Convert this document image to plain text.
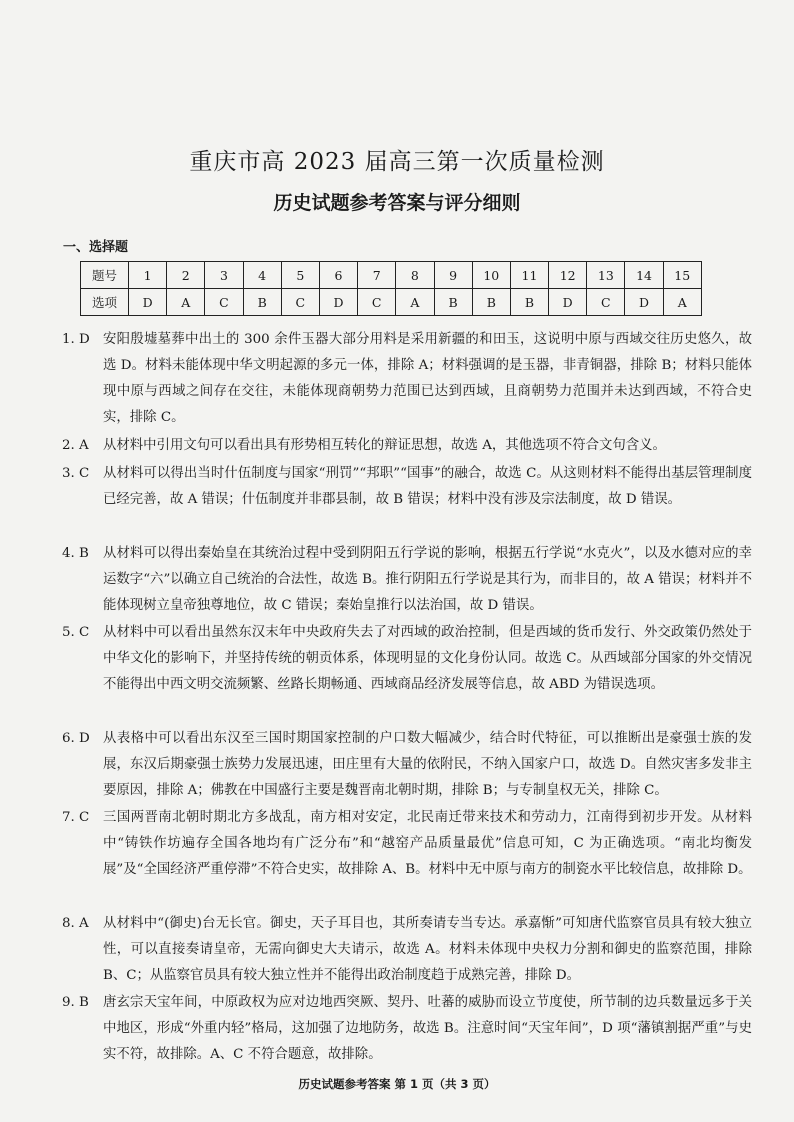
重庆市高 2023 届高三第一次质量检测
历史试题参考答案与评分细则
一、选择题
题号	1	2	3	4	5	6	7	8	9	10	11	12	13	14	15
选项	D	A	C	B	C	D	C	A	B	B	B	D	C	D	A
1. D 安阳殷墟墓葬中出土的 300 余件玉器大部分用料是采用新疆的和田玉，这说明中原与西域交往历史悠久，故选 D。材料未能体现中华文明起源的多元一体，排除 A；材料强调的是玉器，非青铜器，排除 B；材料只能体现中原与西域之间存在交往，未能体现商朝势力范围已达到西域，且商朝势力范围并未达到西域，不符合史实，排除 C。
2. A	从材料中引用文句可以看出具有形势相互转化的辩证思想，故选 A，其他选项不符合文句含义。
3. C	从材料可以得出当时什伍制度与国家“刑罚”“邦职”“国事”的融合，故选 C。从这则材料不能得出基层管理制度已经完善，故 A 错误；什伍制度并非郡县制，故 B 错误；材料中没有涉及宗法制度，故 D 错误。
4. B	从材料可以得出秦始皇在其统治过程中受到阴阳五行学说的影响，根据五行学说“水克火”，以及水德对应的幸运数字“六”以确立自己统治的合法性，故选 B。推行阴阳五行学说是其行为，而非目的，故 A 错误；材料并不能体现树立皇帝独尊地位，故 C 错误；秦始皇推行以法治国，故 D 错误。
5. C	从材料中可以看出虽然东汉末年中央政府失去了对西域的政治控制，但是西域的货币发行、外交政策仍然处于中华文化的影响下，并坚持传统的朝贡体系，体现明显的文化身份认同。故选 C。从西域部分国家的外交情况不能得出中西文明交流频繁、丝路长期畅通、西域商品经济发展等信息，故 ABD 为错误选项。
6. D 从表格中可以看出东汉至三国时期国家控制的户口数大幅减少，结合时代特征，可以推断出是豪强士族的发展，东汉后期豪强士族势力发展迅速，田庄里有大量的依附民，不纳入国家户口，故选 D。自然灾害多发非主要原因，排除 A；佛教在中国盛行主要是魏晋南北朝时期，排除 B；与专制皇权无关，排除 C。
7. C	三国两晋南北朝时期北方多战乱，南方相对安定，北民南迁带来技术和劳动力，江南得到初步开发。从材料中“铸铁作坊遍存全国各地均有广泛分布”和“越窑产品质量最优”信息可知，C 为正确选项。“南北均衡发展”及“全国经济严重停滞”不符合史实，故排除 A、B。材料中无中原与南方的制瓷水平比较信息，故排除 D。
8. A	从材料中“(御史)台无长官。御史，天子耳目也，其所奏请专当专达。承嘉惭”可知唐代监察官员具有较大独立性，可以直接奏请皇帝，无需向御史大夫请示，故选 A。材料未体现中央权力分割和御史的监察范围，排除 B、C；从监察官员具有较大独立性并不能得出政治制度趋于成熟完善，排除 D。
9. B	唐玄宗天宝年间，中原政权为应对边地西突厥、契丹、吐蕃的威胁而设立节度使，所节制的边兵数量远多于关中地区，形成“外重内轻”格局，这加强了边地防务，故选 B。注意时间“天宝年间”，D 项“藩镇割据严重”与史实不符，故排除。A、C 不符合题意，故排除。
历史试题参考答案 第 1 页（共 3 页）
